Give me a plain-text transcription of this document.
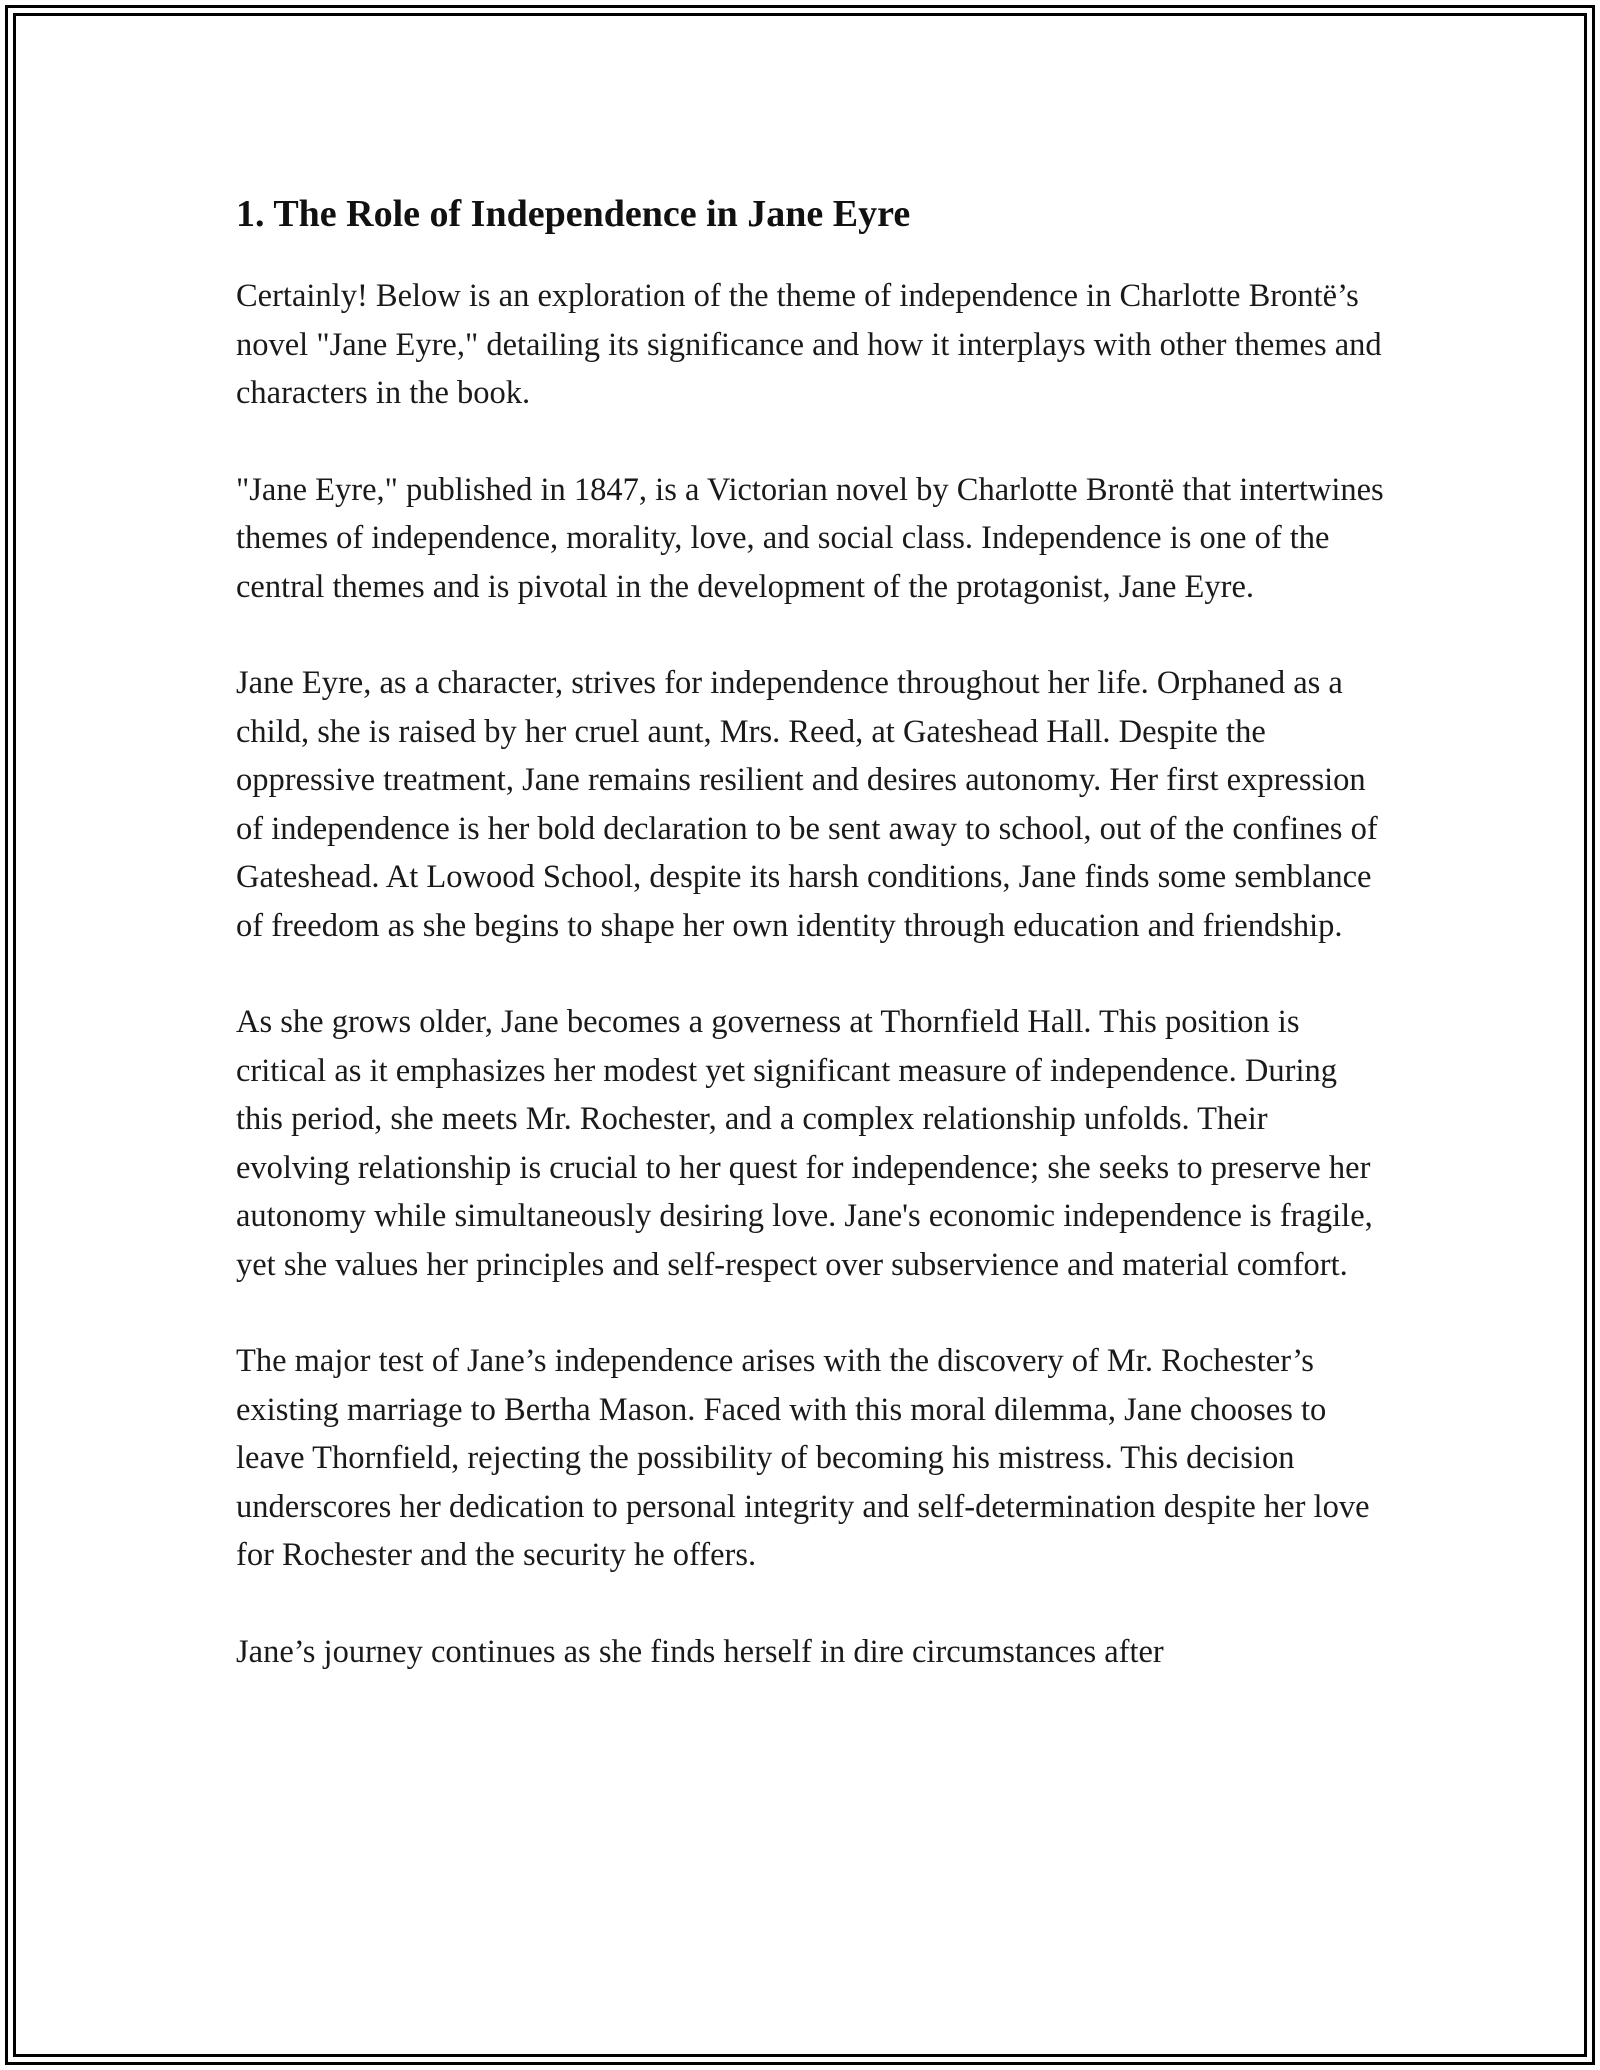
1. The Role of Independence in Jane Eyre

Certainly! Below is an exploration of the theme of independence in Charlotte Brontë’s novel "Jane Eyre," detailing its significance and how it interplays with other themes and characters in the book.

"Jane Eyre," published in 1847, is a Victorian novel by Charlotte Brontë that intertwines themes of independence, morality, love, and social class. Independence is one of the central themes and is pivotal in the development of the protagonist, Jane Eyre.

Jane Eyre, as a character, strives for independence throughout her life. Orphaned as a child, she is raised by her cruel aunt, Mrs. Reed, at Gateshead Hall. Despite the oppressive treatment, Jane remains resilient and desires autonomy. Her first expression of independence is her bold declaration to be sent away to school, out of the confines of Gateshead. At Lowood School, despite its harsh conditions, Jane finds some semblance of freedom as she begins to shape her own identity through education and friendship.

As she grows older, Jane becomes a governess at Thornfield Hall. This position is critical as it emphasizes her modest yet significant measure of independence. During this period, she meets Mr. Rochester, and a complex relationship unfolds. Their evolving relationship is crucial to her quest for independence; she seeks to preserve her autonomy while simultaneously desiring love. Jane's economic independence is fragile, yet she values her principles and self-respect over subservience and material comfort.

The major test of Jane’s independence arises with the discovery of Mr. Rochester’s existing marriage to Bertha Mason. Faced with this moral dilemma, Jane chooses to leave Thornfield, rejecting the possibility of becoming his mistress. This decision underscores her dedication to personal integrity and self-determination despite her love for Rochester and the security he offers.

Jane’s journey continues as she finds herself in dire circumstances after
